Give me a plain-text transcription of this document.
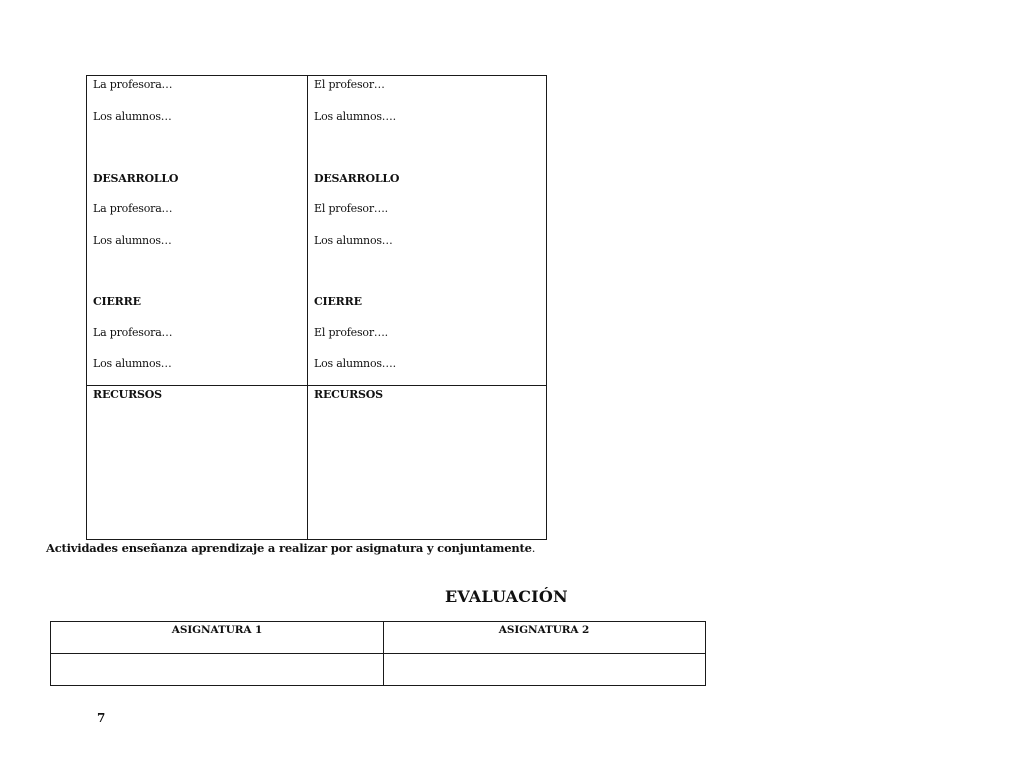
La profesora…
Los alumnos…
DESARROLLO
La profesora…
Los alumnos…
CIERRE
La profesora…
Los alumnos…
RECURSOS
El profesor…
Los alumnos….
DESARROLLO
El profesor….
Los alumnos…
CIERRE
El profesor….
Los alumnos….
RECURSOS
Actividades enseñanza aprendizaje a realizar por asignatura y conjuntamente.
EVALUACIÓN
ASIGNATURA 1	ASIGNATURA 2
7
